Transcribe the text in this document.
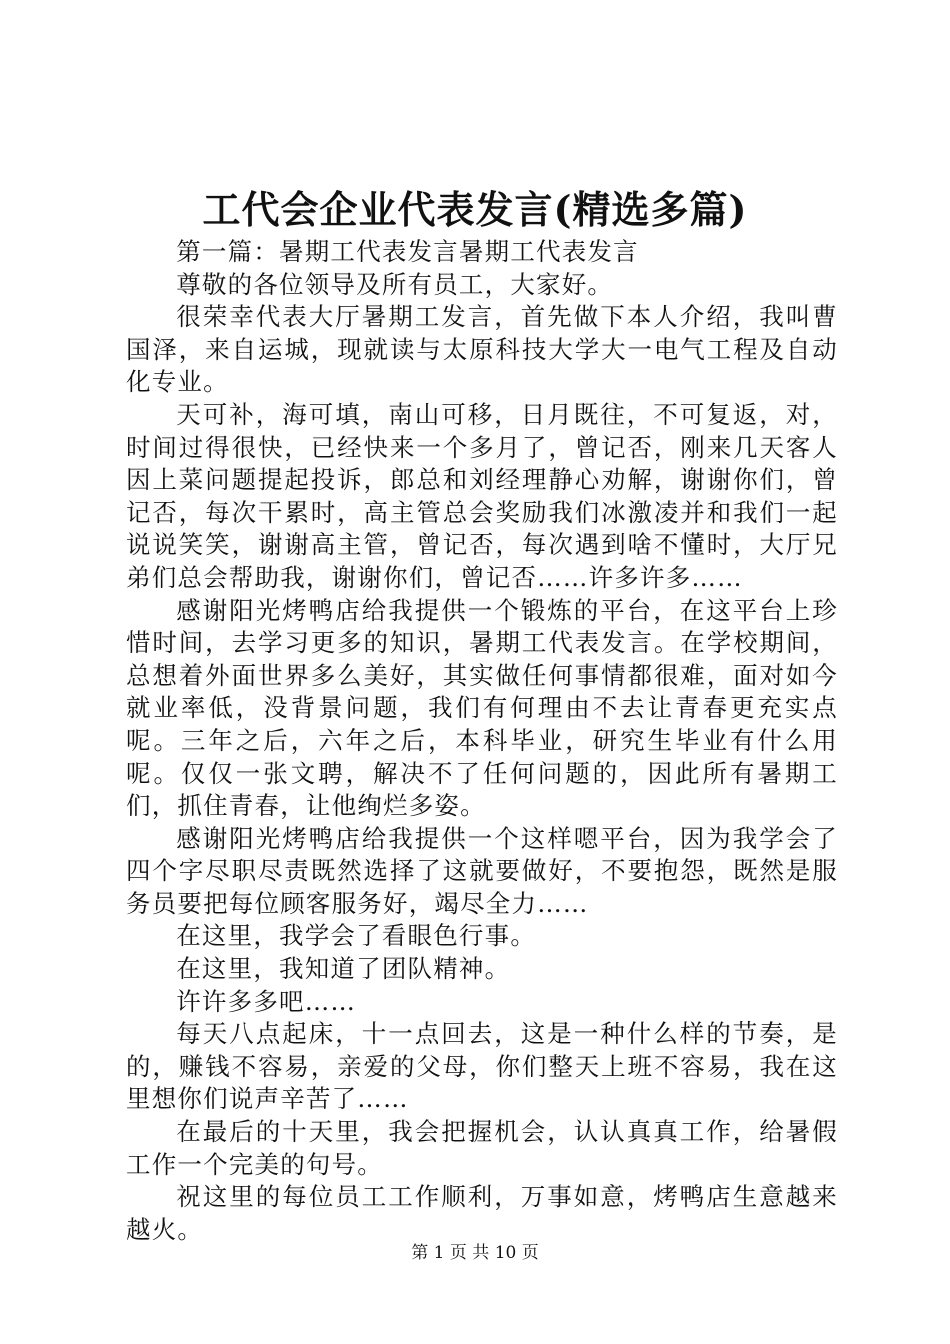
工代会企业代表发言(精选多篇)

第一篇：暑期工代表发言暑期工代表发言

尊敬的各位领导及所有员工，大家好。

很荣幸代表大厅暑期工发言，首先做下本人介绍，我叫曹国泽，来自运城，现就读与太原科技大学大一电气工程及自动化专业。

天可补，海可填，南山可移，日月既往，不可复返，对，时间过得很快，已经快来一个多月了，曾记否，刚来几天客人因上菜问题提起投诉，郎总和刘经理静心劝解，谢谢你们，曾记否，每次干累时，高主管总会奖励我们冰激凌并和我们一起说说笑笑，谢谢高主管，曾记否，每次遇到啥不懂时，大厅兄弟们总会帮助我，谢谢你们，曾记否……许多许多……

感谢阳光烤鸭店给我提供一个锻炼的平台，在这平台上珍惜时间，去学习更多的知识，暑期工代表发言。在学校期间，总想着外面世界多么美好，其实做任何事情都很难，面对如今就业率低，没背景问题，我们有何理由不去让青春更充实点呢。三年之后，六年之后，本科毕业，研究生毕业有什么用呢。仅仅一张文聘，解决不了任何问题的，因此所有暑期工们，抓住青春，让他绚烂多姿。

感谢阳光烤鸭店给我提供一个这样嗯平台，因为我学会了四个字尽职尽责既然选择了这就要做好，不要抱怨，既然是服务员要把每位顾客服务好，竭尽全力……

在这里，我学会了看眼色行事。

在这里，我知道了团队精神。

许许多多吧……

每天八点起床，十一点回去，这是一种什么样的节奏，是的，赚钱不容易，亲爱的父母，你们整天上班不容易，我在这里想你们说声辛苦了……

在最后的十天里，我会把握机会，认认真真工作，给暑假工作一个完美的句号。

祝这里的每位员工工作顺利，万事如意，烤鸭店生意越来越火。

第 1 页 共 10 页
